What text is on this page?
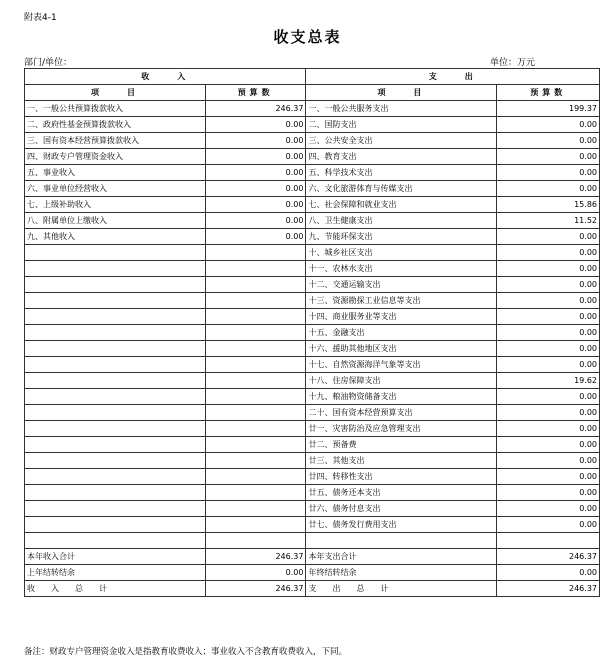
附表4-1
收支总表
部门/单位：	单位：万元
收　　入		支　　出	
项　　目	预算数	项　　目	预算数
一、一般公共预算拨款收入	246.37	一、一般公共服务支出	199.37
二、政府性基金预算拨款收入	0.00	二、国防支出	0.00
三、国有资本经营预算拨款收入	0.00	三、公共安全支出	0.00
四、财政专户管理资金收入	0.00	四、教育支出	0.00
五、事业收入	0.00	五、科学技术支出	0.00
六、事业单位经营收入	0.00	六、文化旅游体育与传媒支出	0.00
七、上级补助收入	0.00	七、社会保障和就业支出	15.86
八、附属单位上缴收入	0.00	八、卫生健康支出	11.52
九、其他收入	0.00	九、节能环保支出	0.00
		十、城乡社区支出	0.00
		十一、农林水支出	0.00
		十二、交通运输支出	0.00
		十三、资源勘探工业信息等支出	0.00
		十四、商业服务业等支出	0.00
		十五、金融支出	0.00
		十六、援助其他地区支出	0.00
		十七、自然资源海洋气象等支出	0.00
		十八、住房保障支出	19.62
		十九、粮油物资储备支出	0.00
		二十、国有资本经营预算支出	0.00
		廿一、灾害防治及应急管理支出	0.00
		廿二、预备费	0.00
		廿三、其他支出	0.00
		廿四、转移性支出	0.00
		廿五、债务还本支出	0.00
		廿六、债务付息支出	0.00
		廿七、债务发行费用支出	0.00

本年收入合计	246.37	本年支出合计	246.37
上年结转结余	0.00	年终结转结余	0.00
收　　入　　总　　计	246.37	支　　出　　总　　计	246.37
备注：财政专户管理资金收入是指教育收费收入；事业收入不含教育收费收入，下同。
